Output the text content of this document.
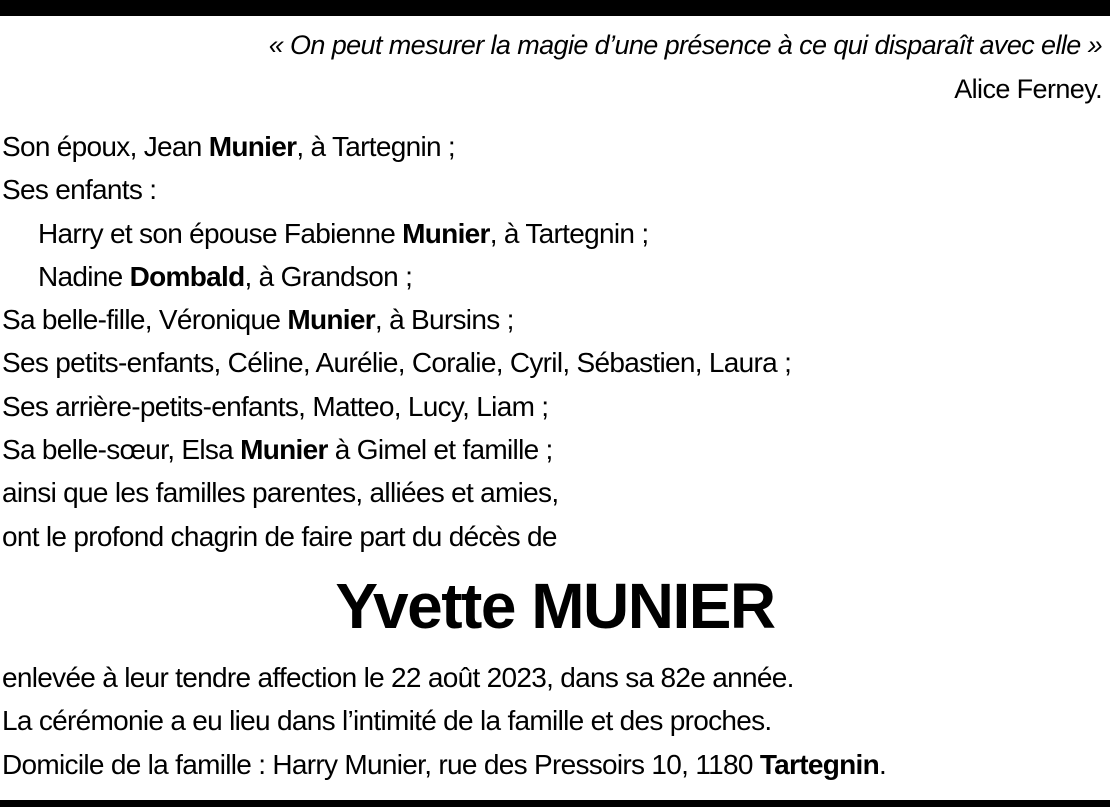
« On peut mesurer la magie d’une présence à ce qui disparaît avec elle »
Alice Ferney.
Son époux, Jean Munier, à Tartegnin ;
Ses enfants :
Harry et son épouse Fabienne Munier, à Tartegnin ;
Nadine Dombald, à Grandson ;
Sa belle-fille, Véronique Munier, à Bursins ;
Ses petits-enfants, Céline, Aurélie, Coralie, Cyril, Sébastien, Laura ;
Ses arrière-petits-enfants, Matteo, Lucy, Liam ;
Sa belle-sœur, Elsa Munier à Gimel et famille ;
ainsi que les familles parentes, alliées et amies,
ont le profond chagrin de faire part du décès de
Yvette MUNIER
enlevée à leur tendre affection le 22 août 2023, dans sa 82e année.
La cérémonie a eu lieu dans l’intimité de la famille et des proches.
Domicile de la famille : Harry Munier, rue des Pressoirs 10, 1180 Tartegnin.
